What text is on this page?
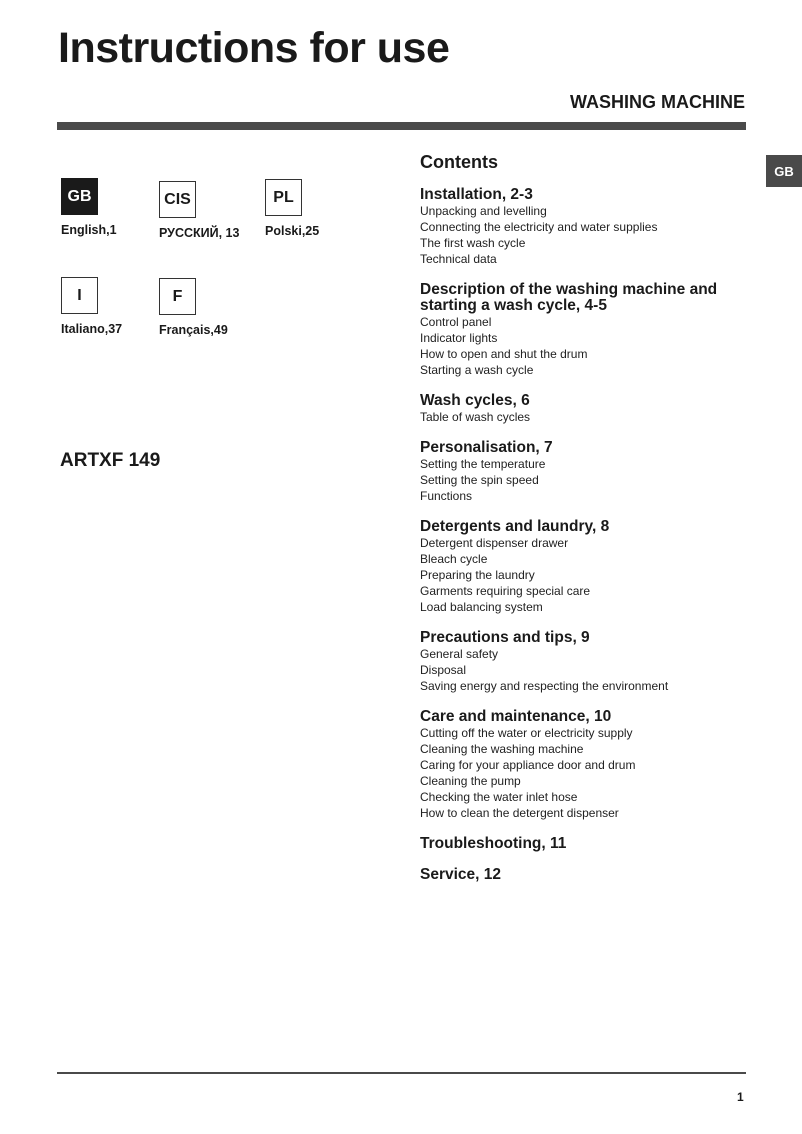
Instructions for use
WASHING MACHINE
GB
GB
English,1
CIS
РУССКИЙ, 13
PL
Polski,25
I
Italiano,37
F
Français,49
ARTXF 149
Contents
Installation, 2-3
Unpacking and levelling
Connecting the electricity and water supplies
The first wash cycle
Technical data
Description of the washing machine and starting a wash cycle, 4-5
Control panel
Indicator lights
How to open and shut the drum
Starting a wash cycle
Wash cycles, 6
Table of wash cycles
Personalisation, 7
Setting the temperature
Setting the spin speed
Functions
Detergents and laundry, 8
Detergent dispenser drawer
Bleach cycle
Preparing the laundry
Garments requiring special care
Load balancing system
Precautions and tips, 9
General safety
Disposal
Saving energy and respecting the environment
Care and maintenance, 10
Cutting off the water or electricity supply
Cleaning the washing machine
Caring for your appliance door and drum
Cleaning the pump
Checking the water inlet hose
How to clean the detergent dispenser
Troubleshooting, 11
Service, 12
1
